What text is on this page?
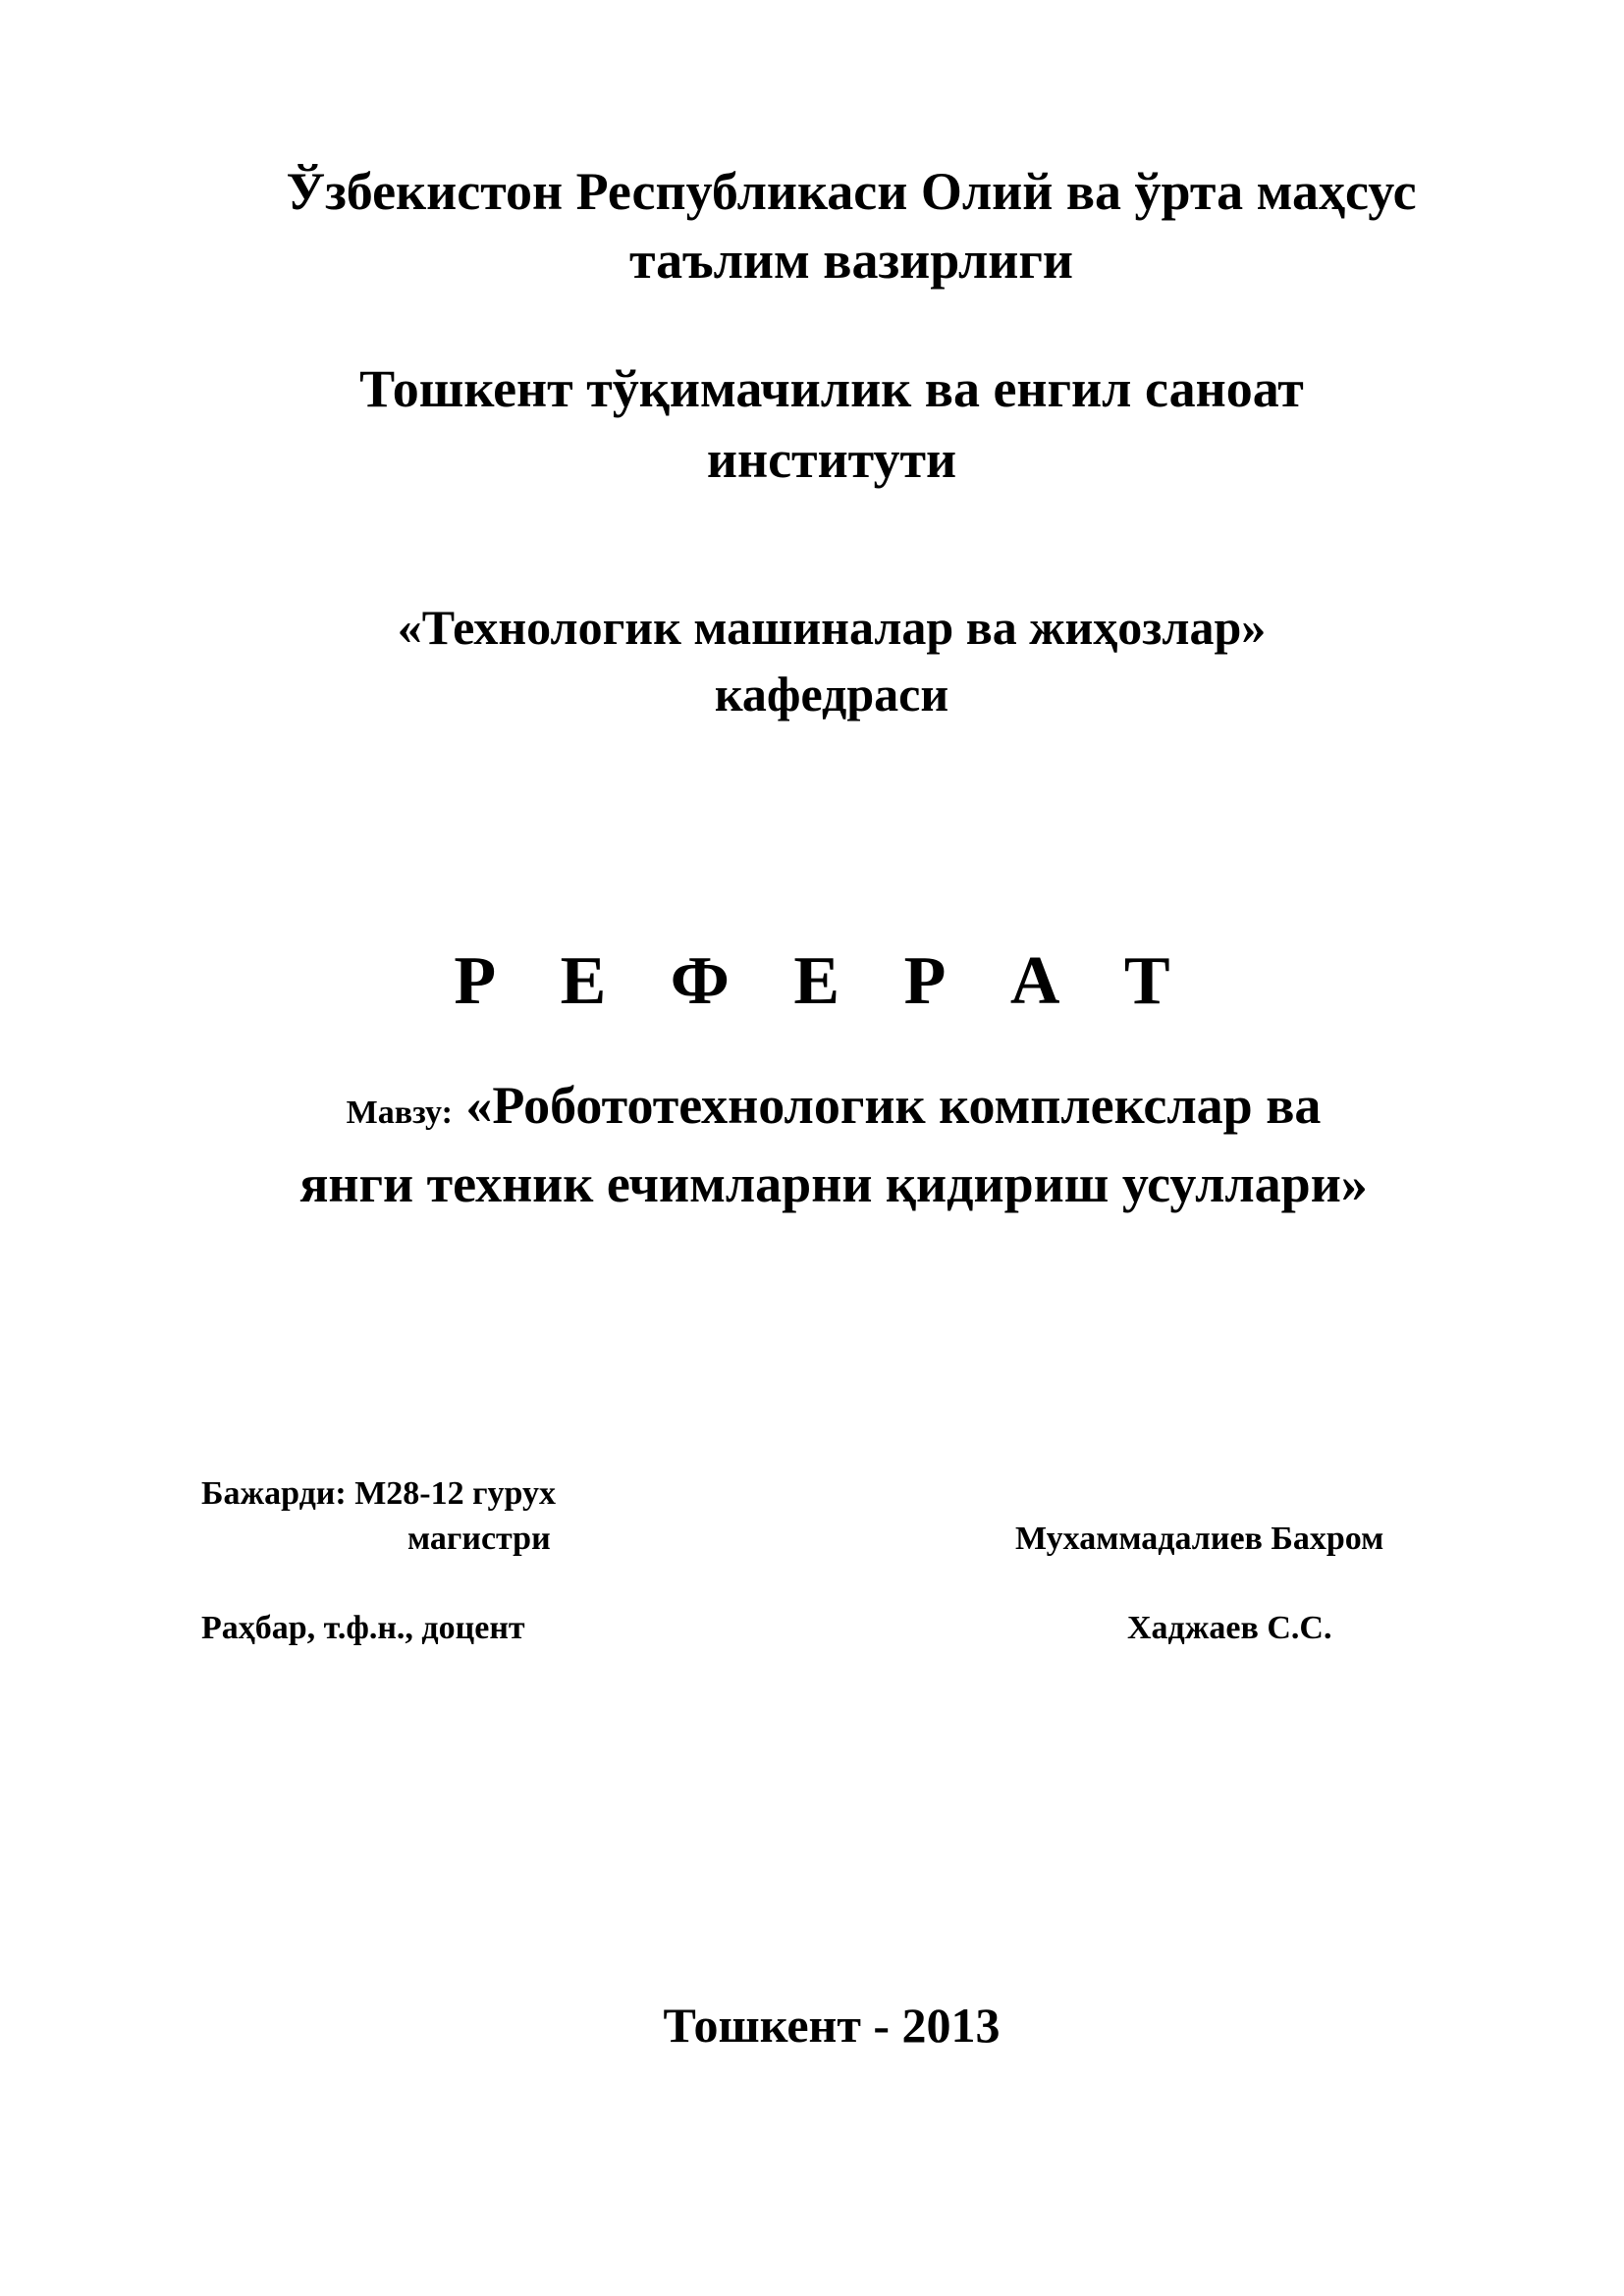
Ўзбекистон Республикаси Олий ва ўрта маҳсус
таълим вазирлиги
Тошкент тўқимачилик ва енгил саноат
институти
«Технологик машиналар ва жиҳозлар»
кафедраси
Р Е Ф Е Р А Т
Мавзу: «Робототехнологик комплекслар ва
янги техник ечимларни қидириш усуллари»
Бажарди: М28-12 гурух
магистри	Мухаммадалиев Бахром
Раҳбар, т.ф.н., доцент	Хаджаев С.С.
Тошкент - 2013
